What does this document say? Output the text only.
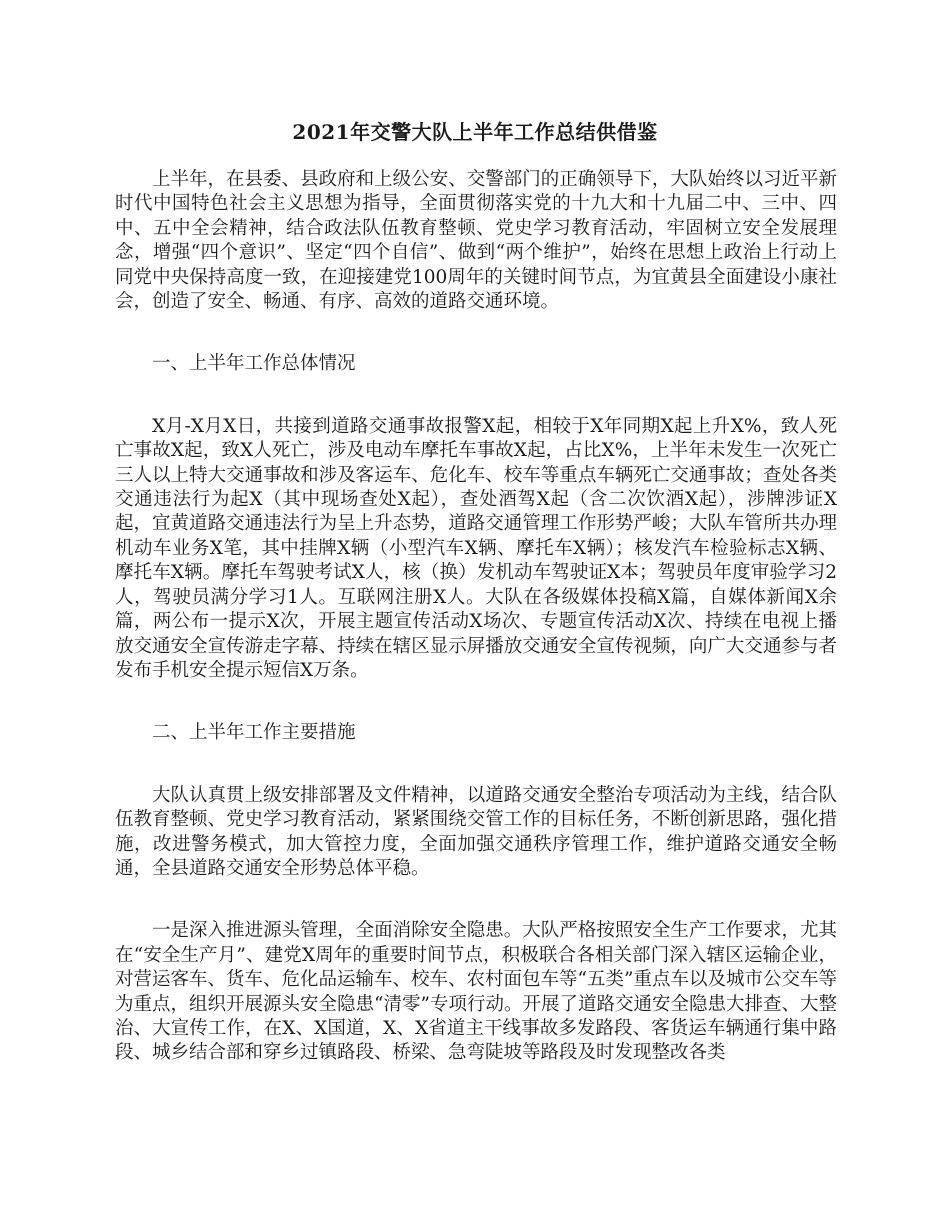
2021年交警大队上半年工作总结供借鉴

上半年，在县委、县政府和上级公安、交警部门的正确领导下，大队始终以习近平新时代中国特色社会主义思想为指导，全面贯彻落实党的十九大和十九届二中、三中、四中、五中全会精神，结合政法队伍教育整顿、党史学习教育活动，牢固树立安全发展理念，增强“四个意识”、坚定“四个自信”、做到“两个维护”，始终在思想上政治上行动上同党中央保持高度一致，在迎接建党100周年的关键时间节点，为宜黄县全面建设小康社会，创造了安全、畅通、有序、高效的道路交通环境。

一、上半年工作总体情况

X月-X月X日，共接到道路交通事故报警X起，相较于X年同期X起上升X%，致人死亡事故X起，致X人死亡，涉及电动车摩托车事故X起，占比X%，上半年未发生一次死亡三人以上特大交通事故和涉及客运车、危化车、校车等重点车辆死亡交通事故；查处各类交通违法行为起X（其中现场查处X起），查处酒驾X起（含二次饮酒X起），涉牌涉证X起，宜黄道路交通违法行为呈上升态势，道路交通管理工作形势严峻；大队车管所共办理机动车业务X笔，其中挂牌X辆（小型汽车X辆、摩托车X辆）；核发汽车检验标志X辆、摩托车X辆。摩托车驾驶考试X人，核（换）发机动车驾驶证X本；驾驶员年度审验学习2人，驾驶员满分学习1人。互联网注册X人。大队在各级媒体投稿X篇，自媒体新闻X余篇，两公布一提示X次，开展主题宣传活动X场次、专题宣传活动X次、持续在电视上播放交通安全宣传游走字幕、持续在辖区显示屏播放交通安全宣传视频，向广大交通参与者发布手机安全提示短信X万条。

二、上半年工作主要措施

大队认真贯上级安排部署及文件精神，以道路交通安全整治专项活动为主线，结合队伍教育整顿、党史学习教育活动，紧紧围绕交管工作的目标任务，不断创新思路，强化措施，改进警务模式，加大管控力度，全面加强交通秩序管理工作，维护道路交通安全畅通，全县道路交通安全形势总体平稳。

一是深入推进源头管理，全面消除安全隐患。大队严格按照安全生产工作要求，尤其在“安全生产月”、建党X周年的重要时间节点，积极联合各相关部门深入辖区运输企业，对营运客车、货车、危化品运输车、校车、农村面包车等“五类”重点车以及城市公交车等为重点，组织开展源头安全隐患“清零”专项行动。开展了道路交通安全隐患大排查、大整治、大宣传工作，在X、X国道，X、X省道主干线事故多发路段、客货运车辆通行集中路段、城乡结合部和穿乡过镇路段、桥梁、急弯陡坡等路段及时发现整改各类
